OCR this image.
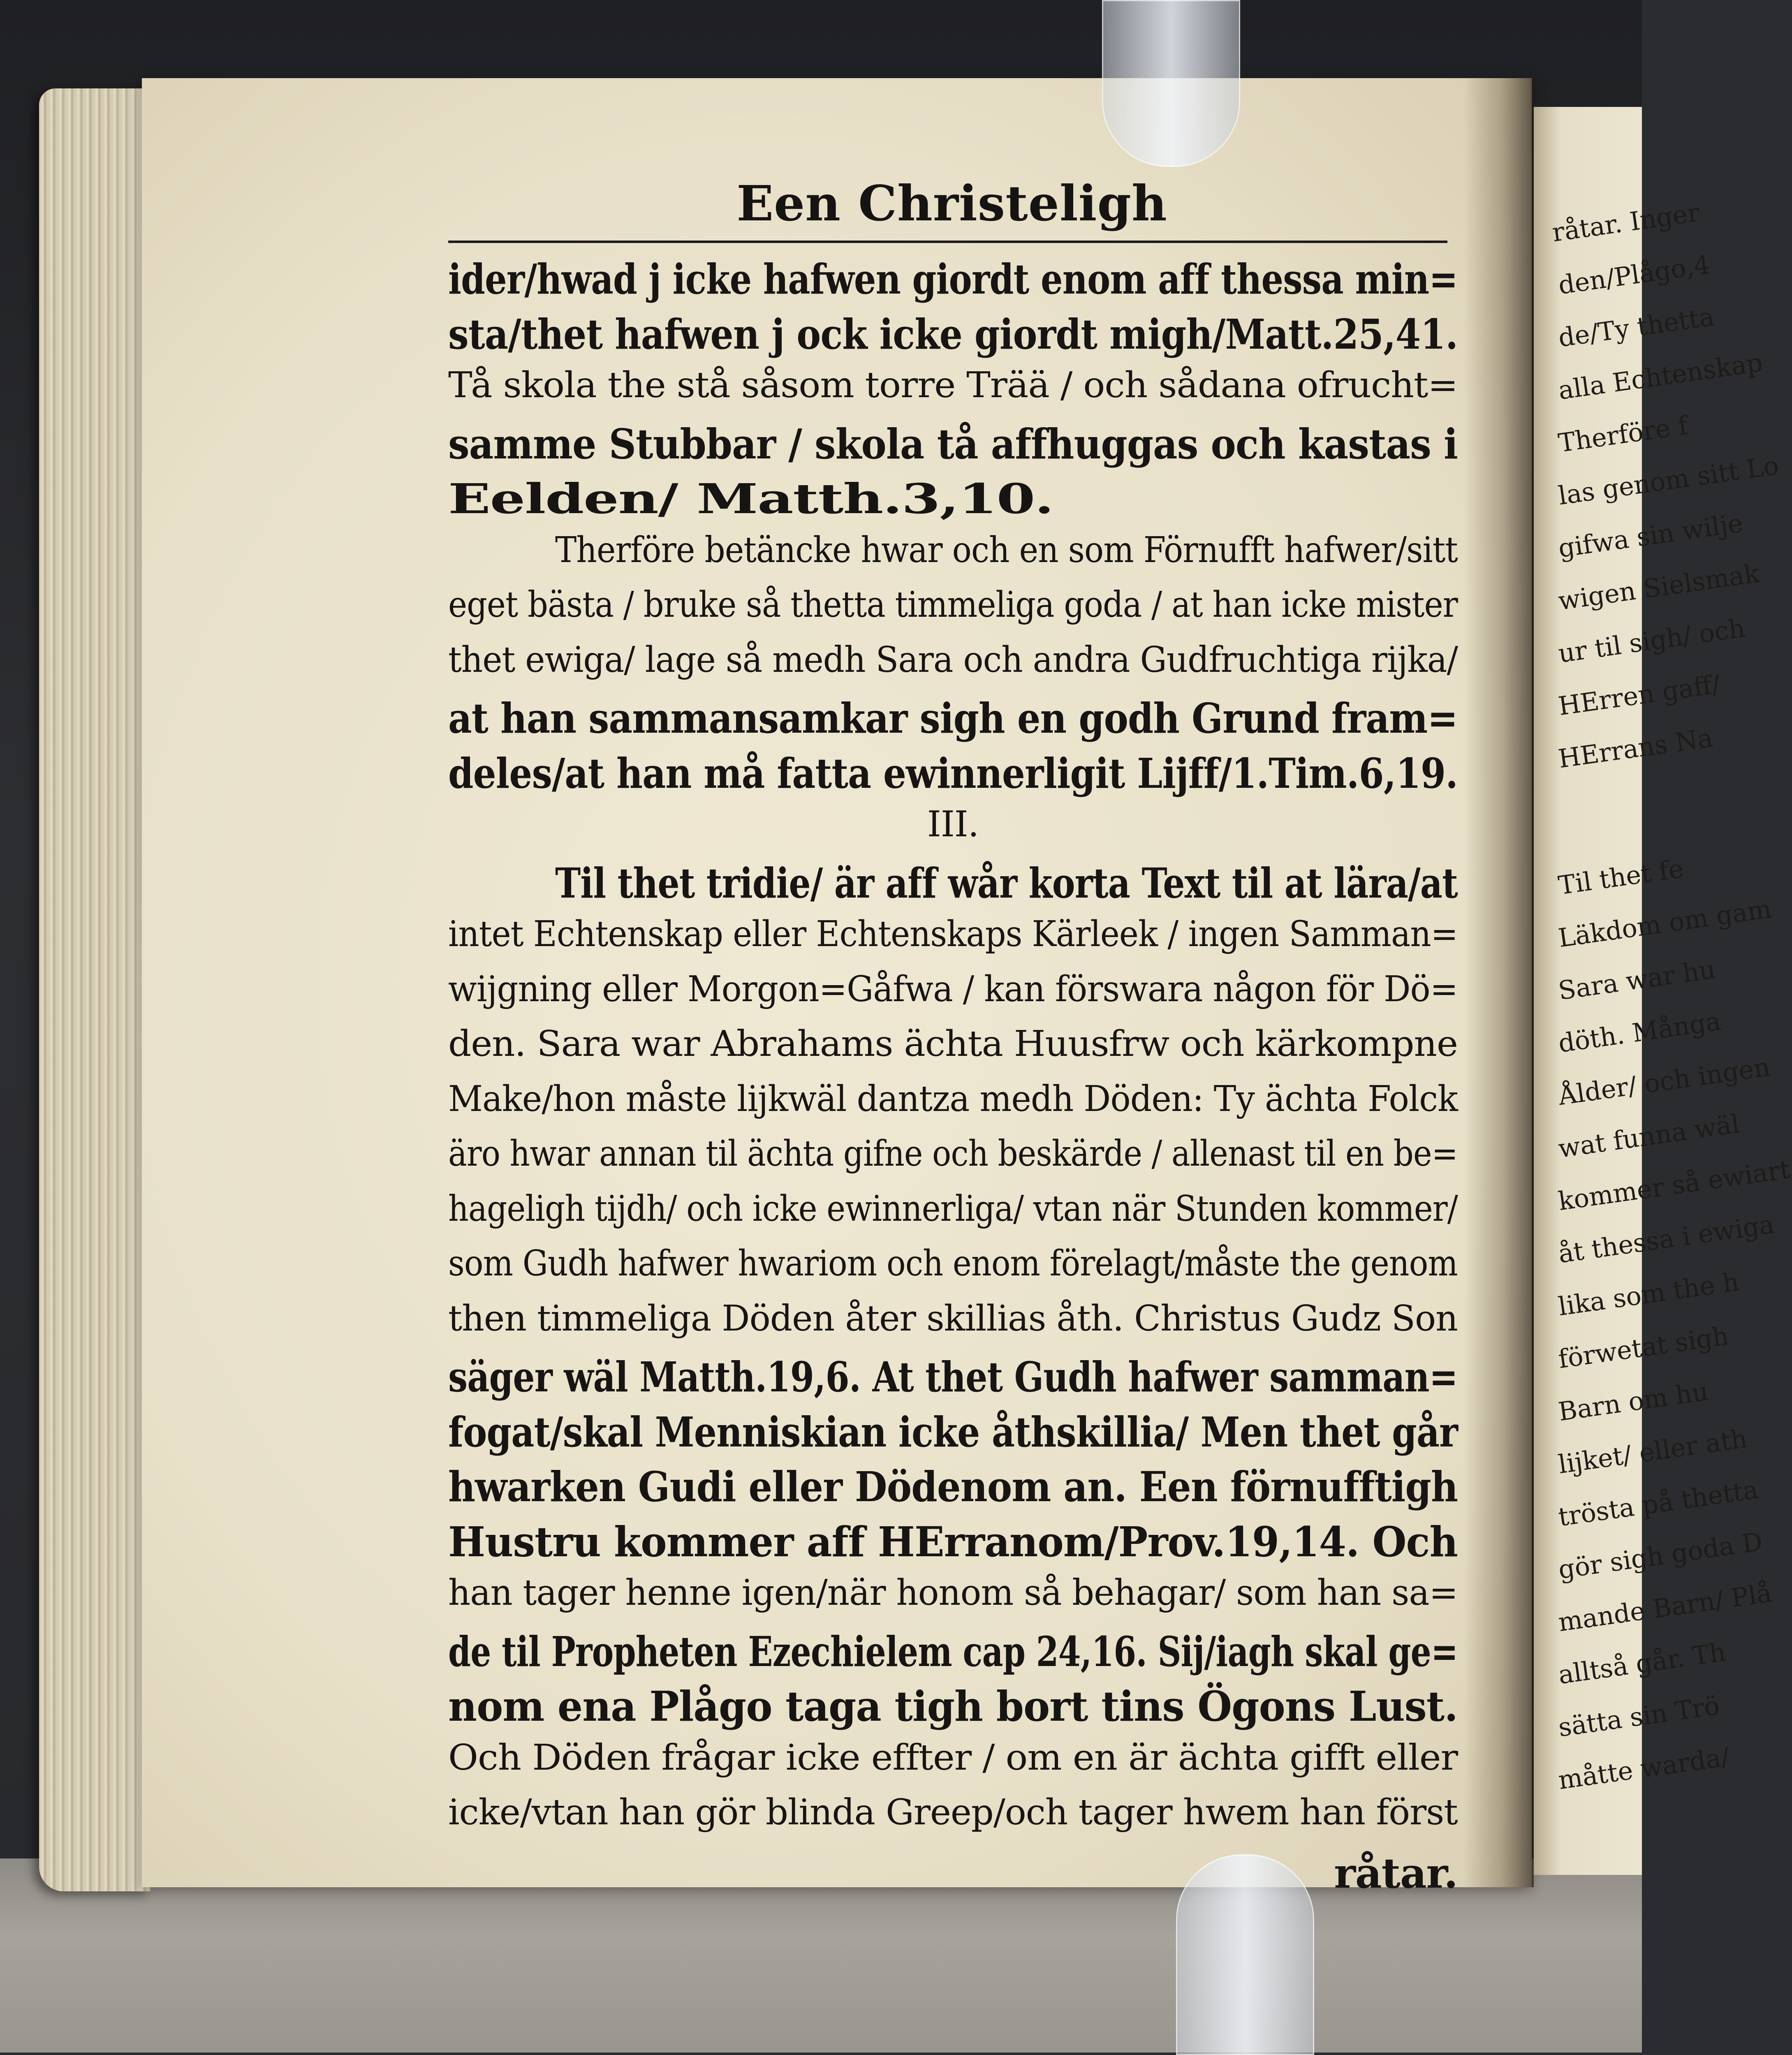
råtar. Inger
den/Plågo,4
de/Ty thetta
alla Echtenskap
Therföre f
las genom sitt Lo
gifwa sin wilje
wigen Sielsmak
ur til sigh/ och
HErren gaff/
HErrans Na
Til thet fe
Läkdom om gam
Sara war hu
döth. Många
Ålder/ och ingen
wat funna wäl
kommer så ewiart
åt thessa i ewiga
lika som the h
förwetat sigh
Barn om hu
lijket/ eller ath
trösta på thetta
gör sigh goda D
mande Barn/ Plå
alltså går. Th
sätta sin Trö
måtte warda/
Een Christeligh
ider/hwad j icke hafwen giordt enom aff thessa min=
sta/thet hafwen j ock icke giordt migh/Matt.25,41.
Tå skola the stå såsom torre Trää / och sådana ofrucht=
samme Stubbar / skola tå affhuggas och kastas i
Eelden/ Matth.3,10.
Therföre betäncke hwar och en som Förnufft hafwer/sitt
eget bästa / bruke så thetta timmeliga goda / at han icke mister
thet ewiga/ lage så medh Sara och andra Gudfruchtiga rijka/
at han sammansamkar sigh en godh Grund fram=
deles/at han må fatta ewinnerligit Lijff/1.Tim.6,19.
III.
Til thet tridie/ är aff wår korta Text til at lära/at
intet Echtenskap eller Echtenskaps Kärleek / ingen Samman=
wijgning eller Morgon=Gåfwa / kan förswara någon för Dö=
den. Sara war Abrahams ächta Huusfrw och kärkompne
Make/hon måste lijkwäl dantza medh Döden: Ty ächta Folck
äro hwar annan til ächta gifne och beskärde / allenast til en be=
hageligh tijdh/ och icke ewinnerliga/ vtan när Stunden kommer/
som Gudh hafwer hwariom och enom förelagt/måste the genom
then timmeliga Döden åter skillias åth. Christus Gudz Son
säger wäl Matth.19,6. At thet Gudh hafwer samman=
fogat/skal Menniskian icke åthskillia/ Men thet går
hwarken Gudi eller Dödenom an. Een förnufftigh
Hustru kommer aff HErranom/Prov.19,14. Och
han tager henne igen/när honom så behagar/ som han sa=
de til Propheten Ezechielem cap 24,16. Sij/iagh skal ge=
nom ena Plågo taga tigh bort tins Ögons Lust.
Och Döden frågar icke effter / om en är ächta gifft eller
icke/vtan han gör blinda Greep/och tager hwem han först
råtar.
